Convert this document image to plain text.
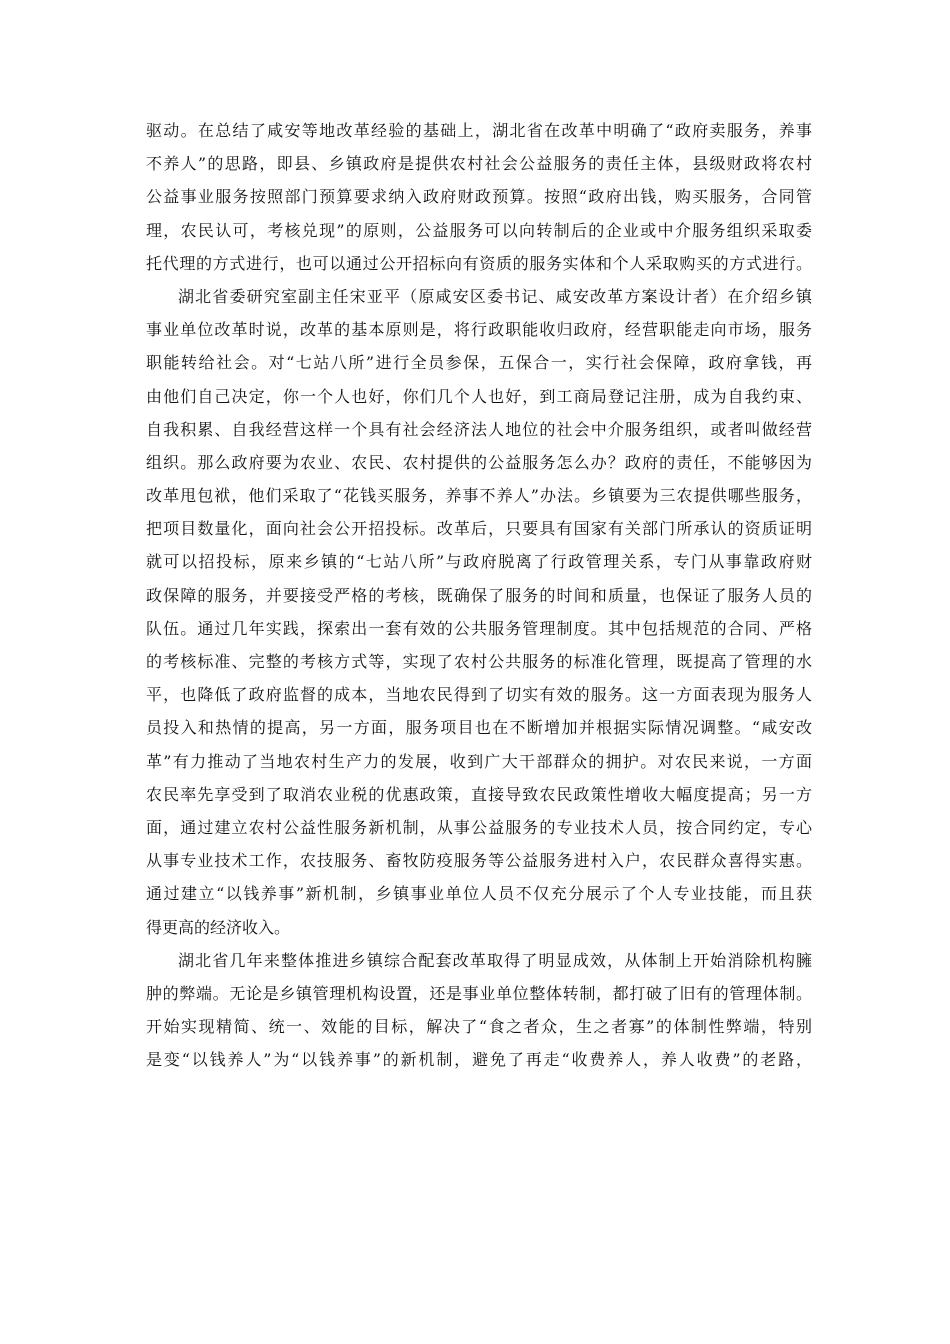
驱动。在总结了咸安等地改革经验的基础上，湖北省在改革中明确了“政府卖服务，养事
不养人”的思路，即县、乡镇政府是提供农村社会公益服务的责任主体，县级财政将农村
公益事业服务按照部门预算要求纳入政府财政预算。按照“政府出钱，购买服务，合同管
理，农民认可，考核兑现”的原则，公益服务可以向转制后的企业或中介服务组织采取委
托代理的方式进行，也可以通过公开招标向有资质的服务实体和个人采取购买的方式进行。
湖北省委研究室副主任宋亚平（原咸安区委书记、咸安改革方案设计者）在介绍乡镇
事业单位改革时说，改革的基本原则是，将行政职能收归政府，经营职能走向市场，服务
职能转给社会。对“七站八所”进行全员参保，五保合一，实行社会保障，政府拿钱，再
由他们自己决定，你一个人也好，你们几个人也好，到工商局登记注册，成为自我约束、
自我积累、自我经营这样一个具有社会经济法人地位的社会中介服务组织，或者叫做经营
组织。那么政府要为农业、农民、农村提供的公益服务怎么办？政府的责任，不能够因为
改革甩包袱，他们采取了“花钱买服务，养事不养人”办法。乡镇要为三农提供哪些服务，
把项目数量化，面向社会公开招投标。改革后，只要具有国家有关部门所承认的资质证明
就可以招投标，原来乡镇的“七站八所”与政府脱离了行政管理关系，专门从事靠政府财
政保障的服务，并要接受严格的考核，既确保了服务的时间和质量，也保证了服务人员的
队伍。通过几年实践，探索出一套有效的公共服务管理制度。其中包括规范的合同、严格
的考核标准、完整的考核方式等，实现了农村公共服务的标准化管理，既提高了管理的水
平，也降低了政府监督的成本，当地农民得到了切实有效的服务。这一方面表现为服务人
员投入和热情的提高，另一方面，服务项目也在不断增加并根据实际情况调整。“咸安改
革”有力推动了当地农村生产力的发展，收到广大干部群众的拥护。对农民来说，一方面
农民率先享受到了取消农业税的优惠政策，直接导致农民政策性增收大幅度提高；另一方
面，通过建立农村公益性服务新机制，从事公益服务的专业技术人员，按合同约定，专心
从事专业技术工作，农技服务、畜牧防疫服务等公益服务进村入户，农民群众喜得实惠。
通过建立“以钱养事”新机制，乡镇事业单位人员不仅充分展示了个人专业技能，而且获
得更高的经济收入。
湖北省几年来整体推进乡镇综合配套改革取得了明显成效，从体制上开始消除机构臃
肿的弊端。无论是乡镇管理机构设置，还是事业单位整体转制，都打破了旧有的管理体制。
开始实现精简、统一、效能的目标，解决了“食之者众，生之者寡”的体制性弊端，特别
是变“以钱养人”为“以钱养事”的新机制，避免了再走“收费养人，养人收费”的老路，
